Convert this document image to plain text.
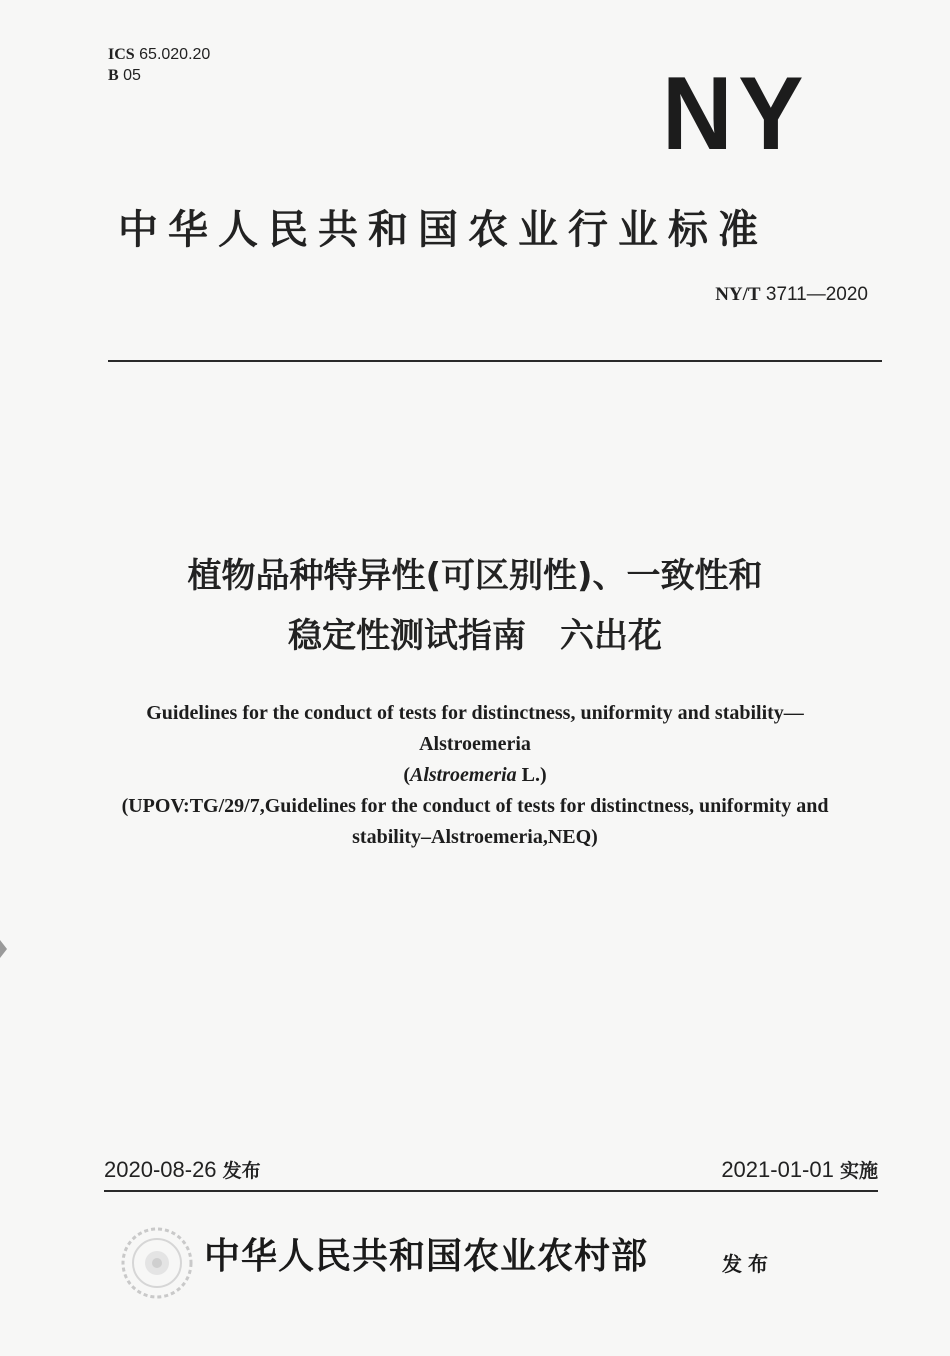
ICS 65.020.20
B 05	NY
中华人民共和国农业行业标准
NY/T 3711—2020
植物品种特异性(可区别性)、一致性和
稳定性测试指南　六出花
Guidelines for the conduct of tests for distinctness, uniformity and stability—
Alstroemeria
(Alstroemeria L.)
(UPOV:TG/29/7,Guidelines for the conduct of tests for distinctness, uniformity and
stability–Alstroemeria,NEQ)
2020-08-26 发布	2021-01-01 实施
中华人民共和国农业农村部	发布
